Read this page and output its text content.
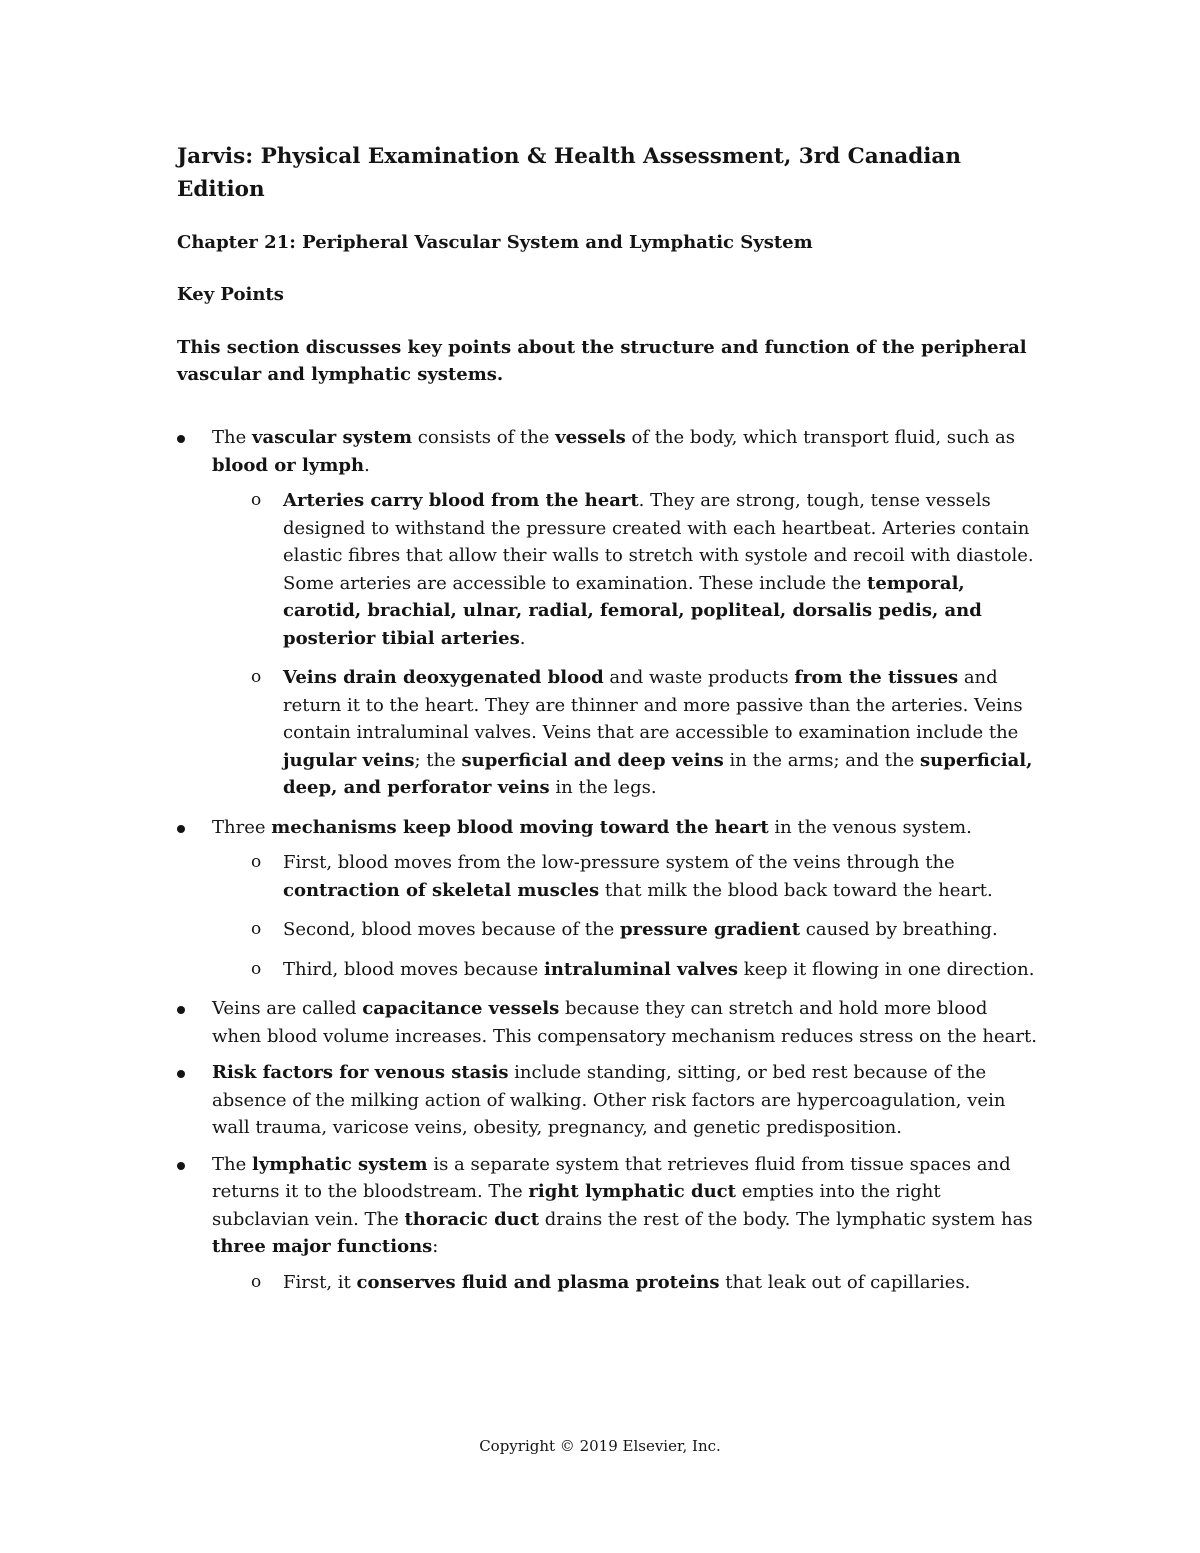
Jarvis: Physical Examination & Health Assessment, 3rd Canadian Edition
Chapter 21: Peripheral Vascular System and Lymphatic System
Key Points

This section discusses key points about the structure and function of the peripheral vascular and lymphatic systems.

The vascular system consists of the vessels of the body, which transport fluid, such as blood or lymph.
o Arteries carry blood from the heart. They are strong, tough, tense vessels designed to withstand the pressure created with each heartbeat. Arteries contain elastic fibres that allow their walls to stretch with systole and recoil with diastole. Some arteries are accessible to examination. These include the temporal, carotid, brachial, ulnar, radial, femoral, popliteal, dorsalis pedis, and posterior tibial arteries.
o Veins drain deoxygenated blood and waste products from the tissues and return it to the heart. They are thinner and more passive than the arteries. Veins contain intraluminal valves. Veins that are accessible to examination include the jugular veins; the superficial and deep veins in the arms; and the superficial, deep, and perforator veins in the legs.
Three mechanisms keep blood moving toward the heart in the venous system.
o First, blood moves from the low-pressure system of the veins through the contraction of skeletal muscles that milk the blood back toward the heart.
o Second, blood moves because of the pressure gradient caused by breathing.
o Third, blood moves because intraluminal valves keep it flowing in one direction.
Veins are called capacitance vessels because they can stretch and hold more blood when blood volume increases. This compensatory mechanism reduces stress on the heart.
Risk factors for venous stasis include standing, sitting, or bed rest because of the absence of the milking action of walking. Other risk factors are hypercoagulation, vein wall trauma, varicose veins, obesity, pregnancy, and genetic predisposition.
The lymphatic system is a separate system that retrieves fluid from tissue spaces and returns it to the bloodstream. The right lymphatic duct empties into the right subclavian vein. The thoracic duct drains the rest of the body. The lymphatic system has three major functions:
o First, it conserves fluid and plasma proteins that leak out of capillaries.
Copyright © 2019 Elsevier, Inc.
